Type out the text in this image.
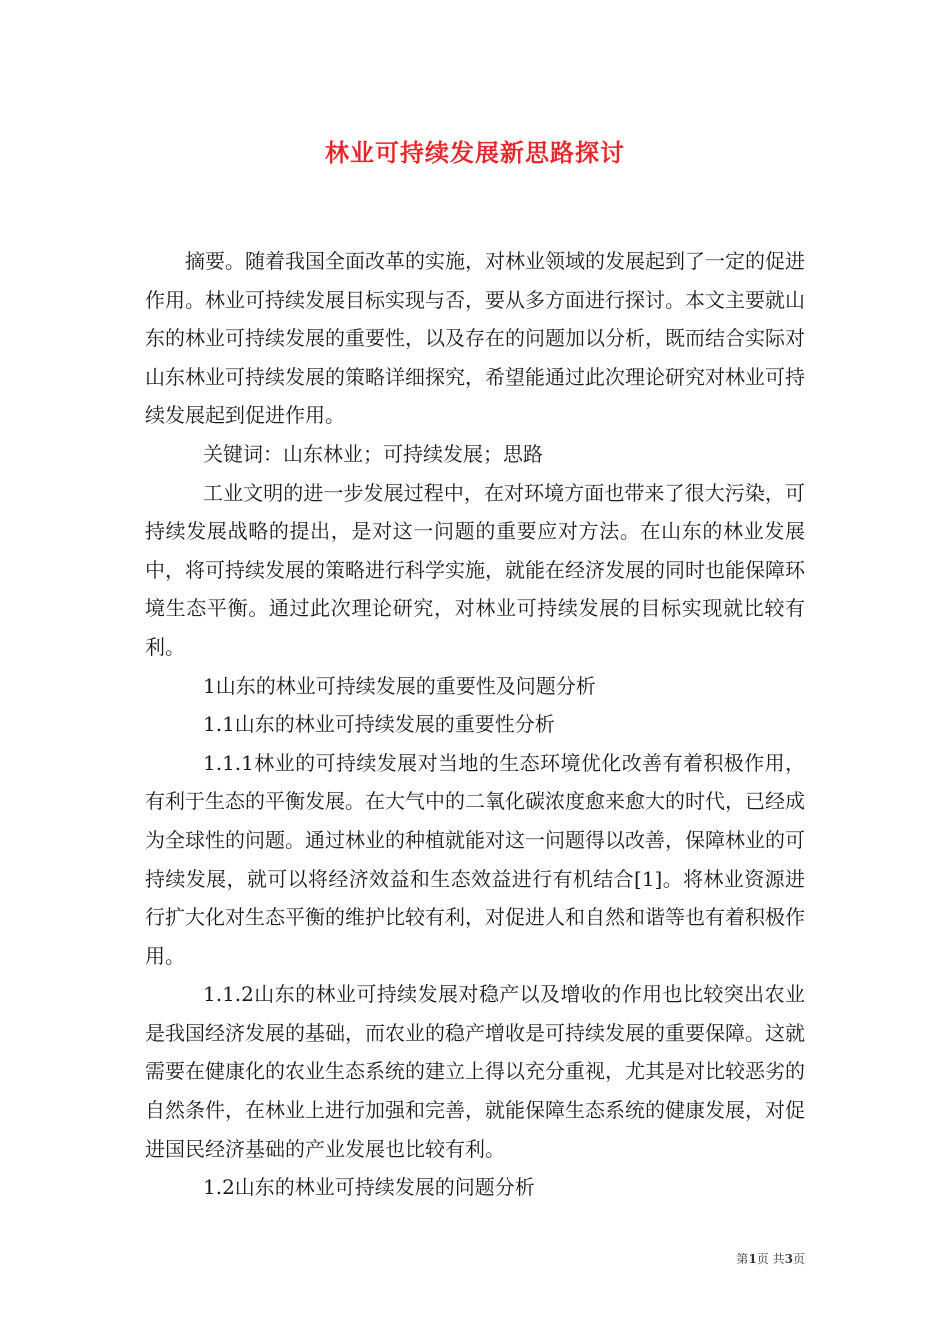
林业可持续发展新思路探讨

摘要。随着我国全面改革的实施，对林业领域的发展起到了一定的促进作用。林业可持续发展目标实现与否，要从多方面进行探讨。本文主要就山东的林业可持续发展的重要性，以及存在的问题加以分析，既而结合实际对山东林业可持续发展的策略详细探究，希望能通过此次理论研究对林业可持续发展起到促进作用。

关键词：山东林业；可持续发展；思路

工业文明的进一步发展过程中，在对环境方面也带来了很大污染，可持续发展战略的提出，是对这一问题的重要应对方法。在山东的林业发展中，将可持续发展的策略进行科学实施，就能在经济发展的同时也能保障环境生态平衡。通过此次理论研究，对林业可持续发展的目标实现就比较有利。

1山东的林业可持续发展的重要性及问题分析

1.1山东的林业可持续发展的重要性分析

1.1.1林业的可持续发展对当地的生态环境优化改善有着积极作用，有利于生态的平衡发展。在大气中的二氧化碳浓度愈来愈大的时代，已经成为全球性的问题。通过林业的种植就能对这一问题得以改善，保障林业的可持续发展，就可以将经济效益和生态效益进行有机结合[1]。将林业资源进行扩大化对生态平衡的维护比较有利，对促进人和自然和谐等也有着积极作用。

1.1.2山东的林业可持续发展对稳产以及增收的作用也比较突出农业是我国经济发展的基础，而农业的稳产增收是可持续发展的重要保障。这就需要在健康化的农业生态系统的建立上得以充分重视，尤其是对比较恶劣的自然条件，在林业上进行加强和完善，就能保障生态系统的健康发展，对促进国民经济基础的产业发展也比较有利。

1.2山东的林业可持续发展的问题分析

第1页 共3页
